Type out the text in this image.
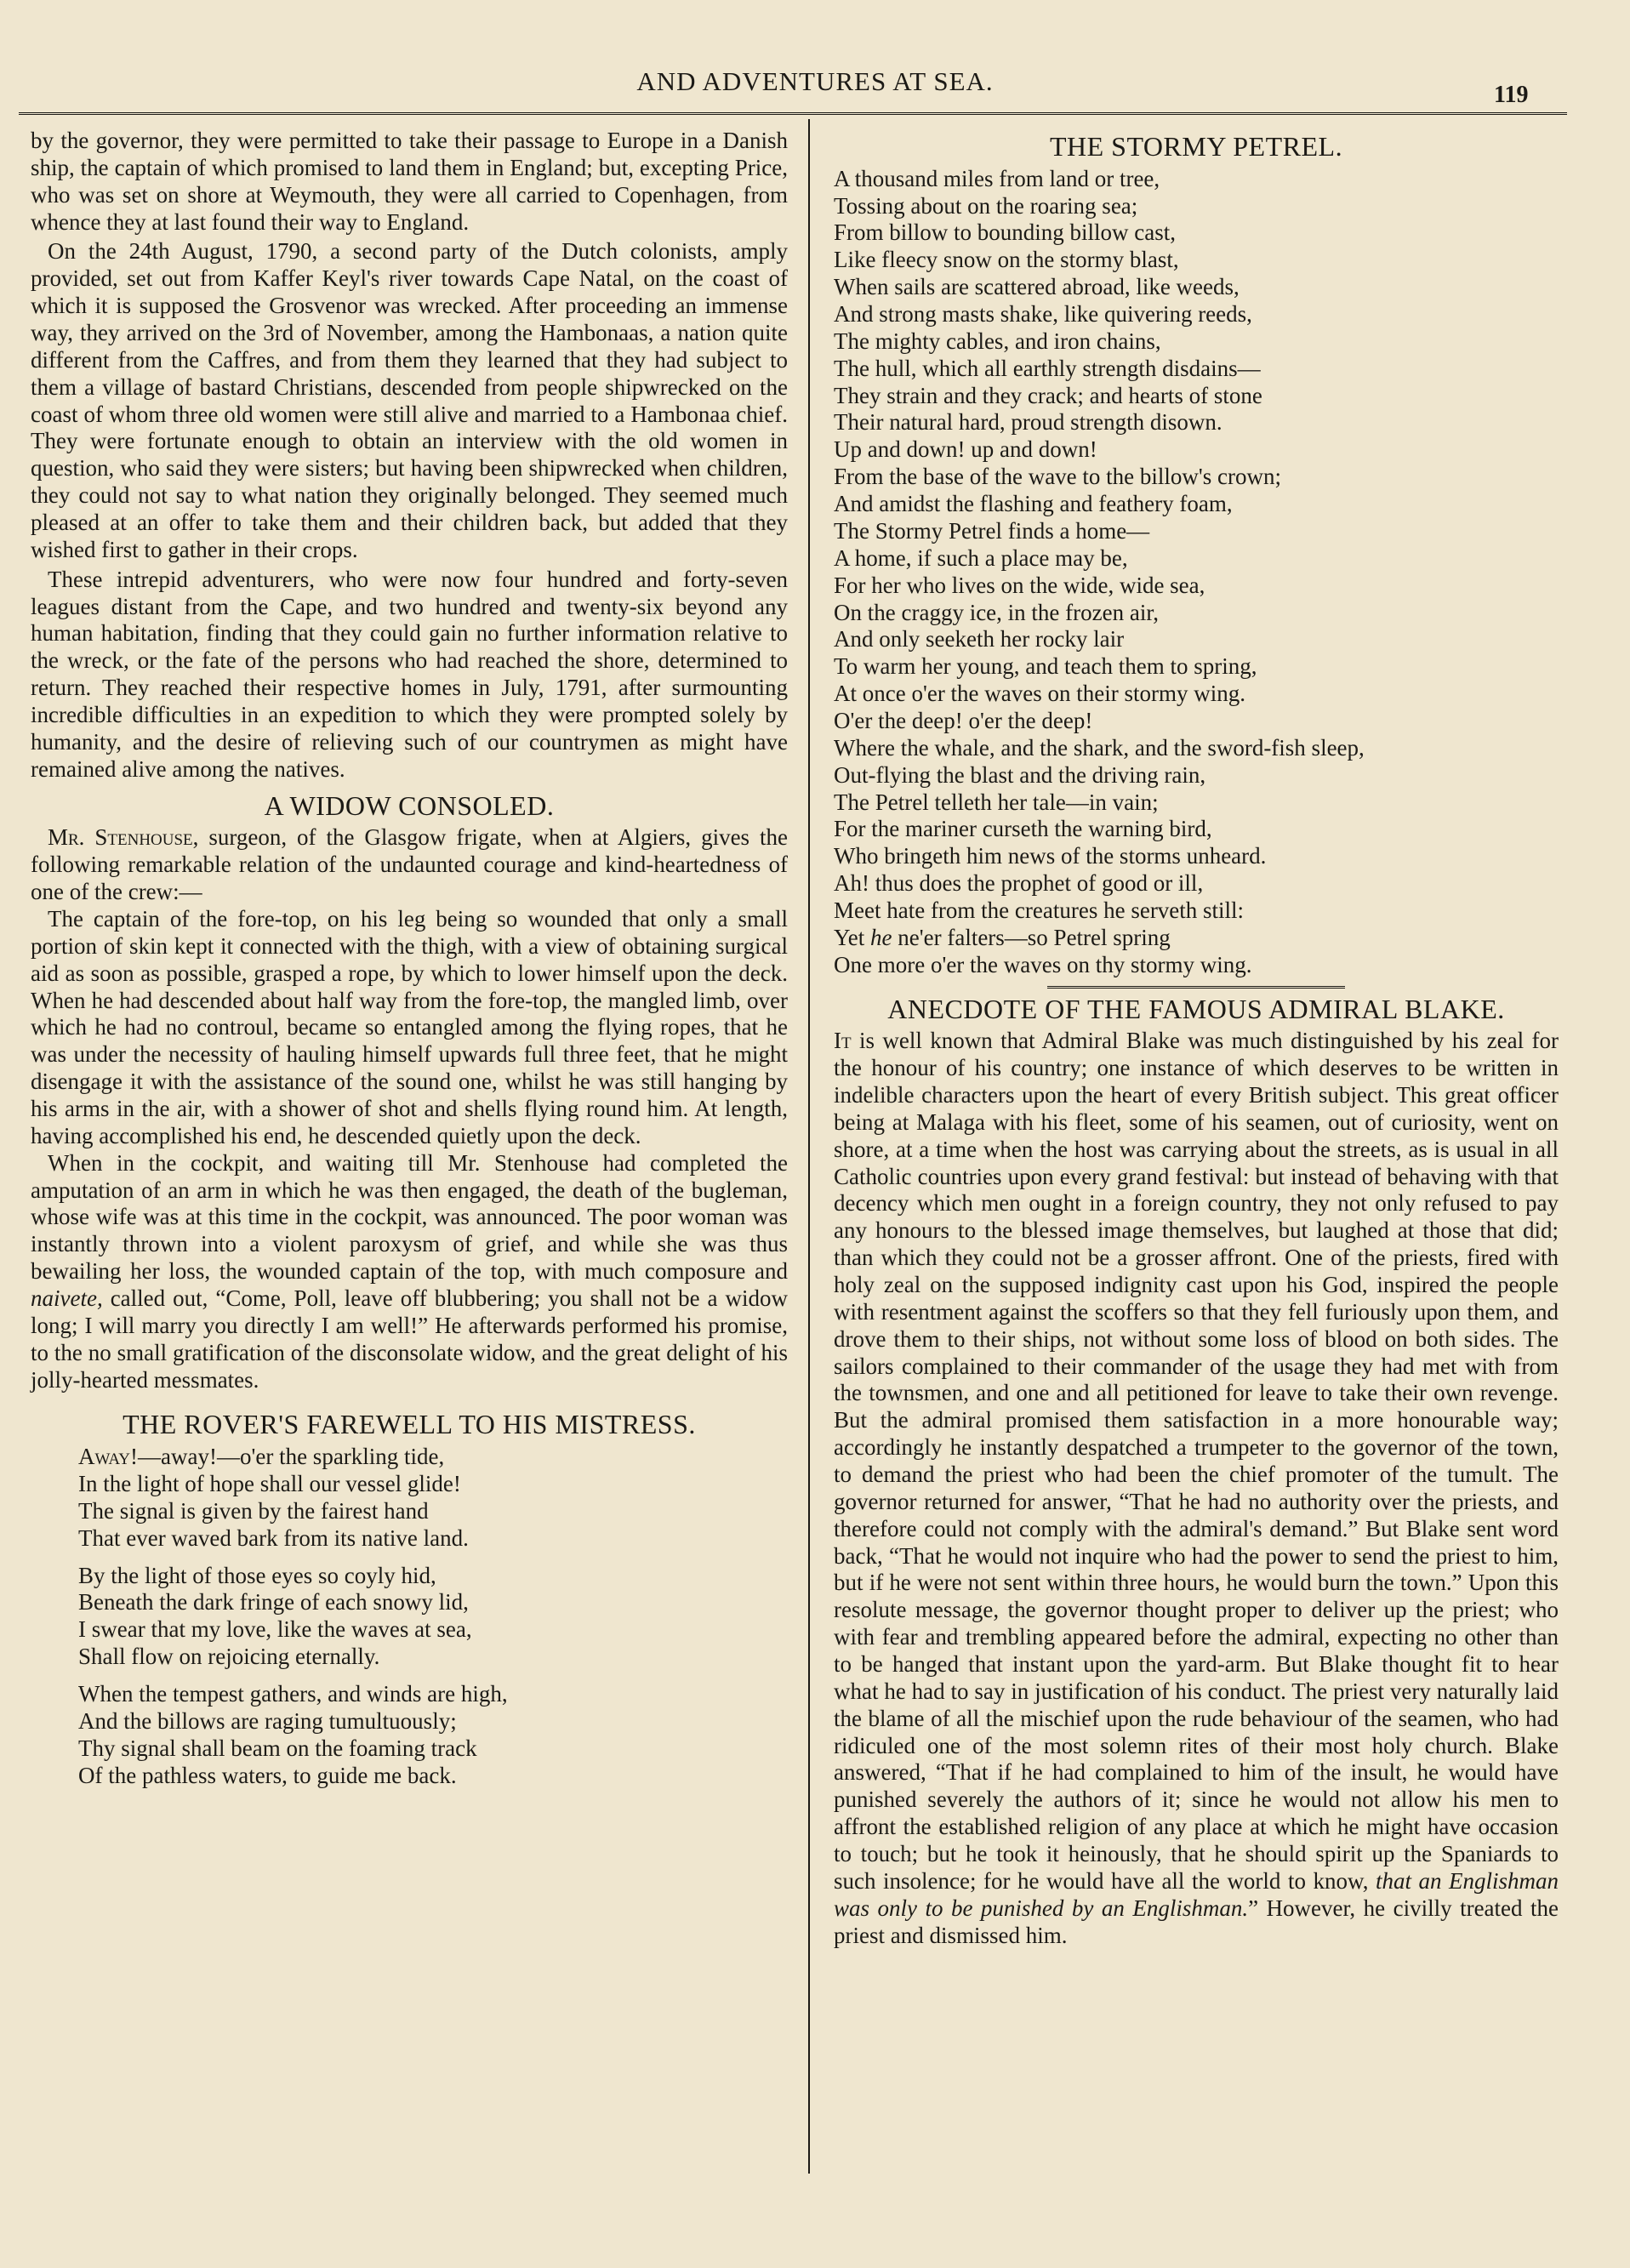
AND ADVENTURES AT SEA.	119

by the governor, they were permitted to take their passage to Europe in a Danish ship, the captain of which promised to land them in England; but, excepting Price, who was set on shore at Weymouth, they were all carried to Copenhagen, from whence they at last found their way to England.

On the 24th August, 1790, a second party of the Dutch colonists, amply provided, set out from Kaffer Keyl's river towards Cape Natal, on the coast of which it is supposed the Grosvenor was wrecked. After proceeding an immense way, they arrived on the 3rd of November, among the Hambonaas, a nation quite different from the Caffres, and from them they learned that they had subject to them a village of bastard Christians, descended from people shipwrecked on the coast of whom three old women were still alive and married to a Hambonaa chief. They were fortunate enough to obtain an interview with the old women in question, who said they were sisters; but having been shipwrecked when children, they could not say to what nation they originally belonged. They seemed much pleased at an offer to take them and their children back, but added that they wished first to gather in their crops.

These intrepid adventurers, who were now four hundred and forty-seven leagues distant from the Cape, and two hundred and twenty-six beyond any human habitation, finding that they could gain no further information relative to the wreck, or the fate of the persons who had reached the shore, determined to return. They reached their respective homes in July, 1791, after surmounting incredible difficulties in an expedition to which they were prompted solely by humanity, and the desire of relieving such of our countrymen as might have remained alive among the natives.

A WIDOW CONSOLED.

Mr. Stenhouse, surgeon, of the Glasgow frigate, when at Algiers, gives the following remarkable relation of the undaunted courage and kind-heartedness of one of the crew:—

The captain of the fore-top, on his leg being so wounded that only a small portion of skin kept it connected with the thigh, with a view of obtaining surgical aid as soon as possible, grasped a rope, by which to lower himself upon the deck. When he had descended about half way from the fore-top, the mangled limb, over which he had no controul, became so entangled among the flying ropes, that he was under the necessity of hauling himself upwards full three feet, that he might disengage it with the assistance of the sound one, whilst he was still hanging by his arms in the air, with a shower of shot and shells flying round him. At length, having accomplished his end, he descended quietly upon the deck.

When in the cockpit, and waiting till Mr. Stenhouse had completed the amputation of an arm in which he was then engaged, the death of the bugleman, whose wife was at this time in the cockpit, was announced. The poor woman was instantly thrown into a violent paroxysm of grief, and while she was thus bewailing her loss, the wounded captain of the top, with much composure and naivete, called out, “Come, Poll, leave off blubbering; you shall not be a widow long; I will marry you directly I am well!” He afterwards performed his promise, to the no small gratification of the disconsolate widow, and the great delight of his jolly-hearted messmates.

THE ROVER'S FAREWELL TO HIS MISTRESS.
Away!—away!—o'er the sparkling tide,
In the light of hope shall our vessel glide!
The signal is given by the fairest hand
That ever waved bark from its native land.
By the light of those eyes so coyly hid,
Beneath the dark fringe of each snowy lid,
I swear that my love, like the waves at sea,
Shall flow on rejoicing eternally.
When the tempest gathers, and winds are high,
And the billows are raging tumultuously;
Thy signal shall beam on the foaming track
Of the pathless waters, to guide me back.
THE STORMY PETREL.
A thousand miles from land or tree,
Tossing about on the roaring sea;
From billow to bounding billow cast,
Like fleecy snow on the stormy blast,
When sails are scattered abroad, like weeds,
And strong masts shake, like quivering reeds,
The mighty cables, and iron chains,
The hull, which all earthly strength disdains—
They strain and they crack; and hearts of stone
Their natural hard, proud strength disown.
Up and down! up and down!
From the base of the wave to the billow's crown;
And amidst the flashing and feathery foam,
The Stormy Petrel finds a home—
A home, if such a place may be,
For her who lives on the wide, wide sea,
On the craggy ice, in the frozen air,
And only seeketh her rocky lair
To warm her young, and teach them to spring,
At once o'er the waves on their stormy wing.
O'er the deep! o'er the deep!
Where the whale, and the shark, and the sword-fish sleep,
Out-flying the blast and the driving rain,
The Petrel telleth her tale—in vain;
For the mariner curseth the warning bird,
Who bringeth him news of the storms unheard.
Ah! thus does the prophet of good or ill,
Meet hate from the creatures he serveth still:
Yet he ne'er falters—so Petrel spring
One more o'er the waves on thy stormy wing.
ANECDOTE OF THE FAMOUS ADMIRAL BLAKE.

It is well known that Admiral Blake was much distinguished by his zeal for the honour of his country; one instance of which deserves to be written in indelible characters upon the heart of every British subject. This great officer being at Malaga with his fleet, some of his seamen, out of curiosity, went on shore, at a time when the host was carrying about the streets, as is usual in all Catholic countries upon every grand festival: but instead of behaving with that decency which men ought in a foreign country, they not only refused to pay any honours to the blessed image themselves, but laughed at those that did; than which they could not be a grosser affront. One of the priests, fired with holy zeal on the supposed indignity cast upon his God, inspired the people with resentment against the scoffers so that they fell furiously upon them, and drove them to their ships, not without some loss of blood on both sides. The sailors complained to their commander of the usage they had met with from the townsmen, and one and all petitioned for leave to take their own revenge. But the admiral promised them satisfaction in a more honourable way; accordingly he instantly despatched a trumpeter to the governor of the town, to demand the priest who had been the chief promoter of the tumult. The governor returned for answer, “That he had no authority over the priests, and therefore could not comply with the admiral's demand.” But Blake sent word back, “That he would not inquire who had the power to send the priest to him, but if he were not sent within three hours, he would burn the town.” Upon this resolute message, the governor thought proper to deliver up the priest; who with fear and trembling appeared before the admiral, expecting no other than to be hanged that instant upon the yard-arm. But Blake thought fit to hear what he had to say in justification of his conduct. The priest very naturally laid the blame of all the mischief upon the rude behaviour of the seamen, who had ridiculed one of the most solemn rites of their most holy church. Blake answered, “That if he had complained to him of the insult, he would have punished severely the authors of it; since he would not allow his men to affront the established religion of any place at which he might have occasion to touch; but he took it heinously, that he should spirit up the Spaniards to such insolence; for he would have all the world to know, that an Englishman was only to be punished by an Englishman.” However, he civilly treated the priest and dismissed him.
